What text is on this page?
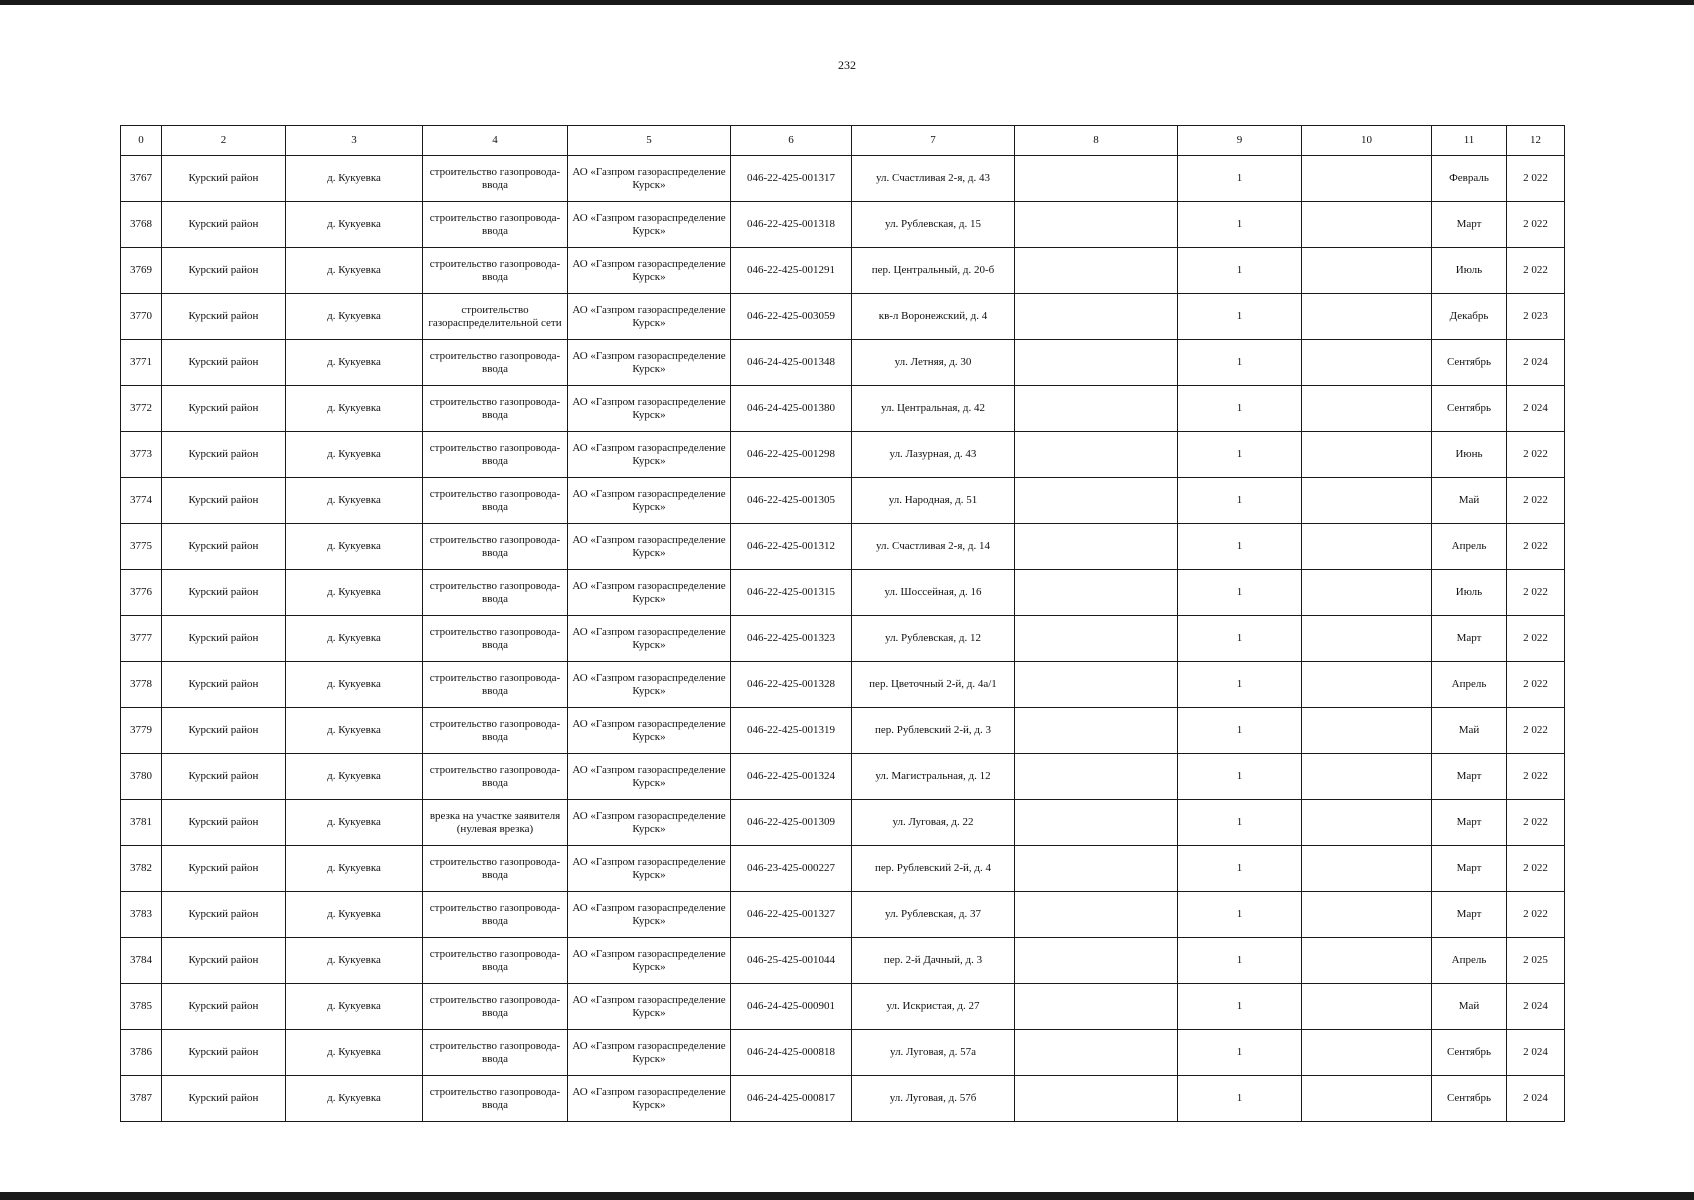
232
0	2	3	4	5	6	7	8	9	10	11	12
3767	Курский район	д. Кукуевка	строительство газопровода-ввода	АО «Газпром газораспределение Курск»	046-22-425-001317	ул. Счастливая 2-я, д. 43		1		Февраль	2 022
3768	Курский район	д. Кукуевка	строительство газопровода-ввода	АО «Газпром газораспределение Курск»	046-22-425-001318	ул. Рублевская, д. 15		1		Март	2 022
3769	Курский район	д. Кукуевка	строительство газопровода-ввода	АО «Газпром газораспределение Курск»	046-22-425-001291	пер. Центральный, д. 20-б		1		Июль	2 022
3770	Курский район	д. Кукуевка	строительство газораспределительной сети	АО «Газпром газораспределение Курск»	046-22-425-003059	кв-л Воронежский, д. 4		1		Декабрь	2 023
3771	Курский район	д. Кукуевка	строительство газопровода-ввода	АО «Газпром газораспределение Курск»	046-24-425-001348	ул. Летняя, д. 30		1		Сентябрь	2 024
3772	Курский район	д. Кукуевка	строительство газопровода-ввода	АО «Газпром газораспределение Курск»	046-24-425-001380	ул. Центральная, д. 42		1		Сентябрь	2 024
3773	Курский район	д. Кукуевка	строительство газопровода-ввода	АО «Газпром газораспределение Курск»	046-22-425-001298	ул. Лазурная, д. 43		1		Июнь	2 022
3774	Курский район	д. Кукуевка	строительство газопровода-ввода	АО «Газпром газораспределение Курск»	046-22-425-001305	ул. Народная, д. 51		1		Май	2 022
3775	Курский район	д. Кукуевка	строительство газопровода-ввода	АО «Газпром газораспределение Курск»	046-22-425-001312	ул. Счастливая 2-я, д. 14		1		Апрель	2 022
3776	Курский район	д. Кукуевка	строительство газопровода-ввода	АО «Газпром газораспределение Курск»	046-22-425-001315	ул. Шоссейная, д. 16		1		Июль	2 022
3777	Курский район	д. Кукуевка	строительство газопровода-ввода	АО «Газпром газораспределение Курск»	046-22-425-001323	ул. Рублевская, д. 12		1		Март	2 022
3778	Курский район	д. Кукуевка	строительство газопровода-ввода	АО «Газпром газораспределение Курск»	046-22-425-001328	пер. Цветочный 2-й, д. 4а/1		1		Апрель	2 022
3779	Курский район	д. Кукуевка	строительство газопровода-ввода	АО «Газпром газораспределение Курск»	046-22-425-001319	пер. Рублевский 2-й, д. 3		1		Май	2 022
3780	Курский район	д. Кукуевка	строительство газопровода-ввода	АО «Газпром газораспределение Курск»	046-22-425-001324	ул. Магистральная, д. 12		1		Март	2 022
3781	Курский район	д. Кукуевка	врезка на участке заявителя (нулевая врезка)	АО «Газпром газораспределение Курск»	046-22-425-001309	ул. Луговая, д. 22		1		Март	2 022
3782	Курский район	д. Кукуевка	строительство газопровода-ввода	АО «Газпром газораспределение Курск»	046-23-425-000227	пер. Рублевский 2-й, д. 4		1		Март	2 022
3783	Курский район	д. Кукуевка	строительство газопровода-ввода	АО «Газпром газораспределение Курск»	046-22-425-001327	ул. Рублевская, д. 37		1		Март	2 022
3784	Курский район	д. Кукуевка	строительство газопровода-ввода	АО «Газпром газораспределение Курск»	046-25-425-001044	пер. 2-й Дачный, д. 3		1		Апрель	2 025
3785	Курский район	д. Кукуевка	строительство газопровода-ввода	АО «Газпром газораспределение Курск»	046-24-425-000901	ул. Искристая, д. 27		1		Май	2 024
3786	Курский район	д. Кукуевка	строительство газопровода-ввода	АО «Газпром газораспределение Курск»	046-24-425-000818	ул. Луговая, д. 57а		1		Сентябрь	2 024
3787	Курский район	д. Кукуевка	строительство газопровода-ввода	АО «Газпром газораспределение Курск»	046-24-425-000817	ул. Луговая, д. 57б		1		Сентябрь	2 024
